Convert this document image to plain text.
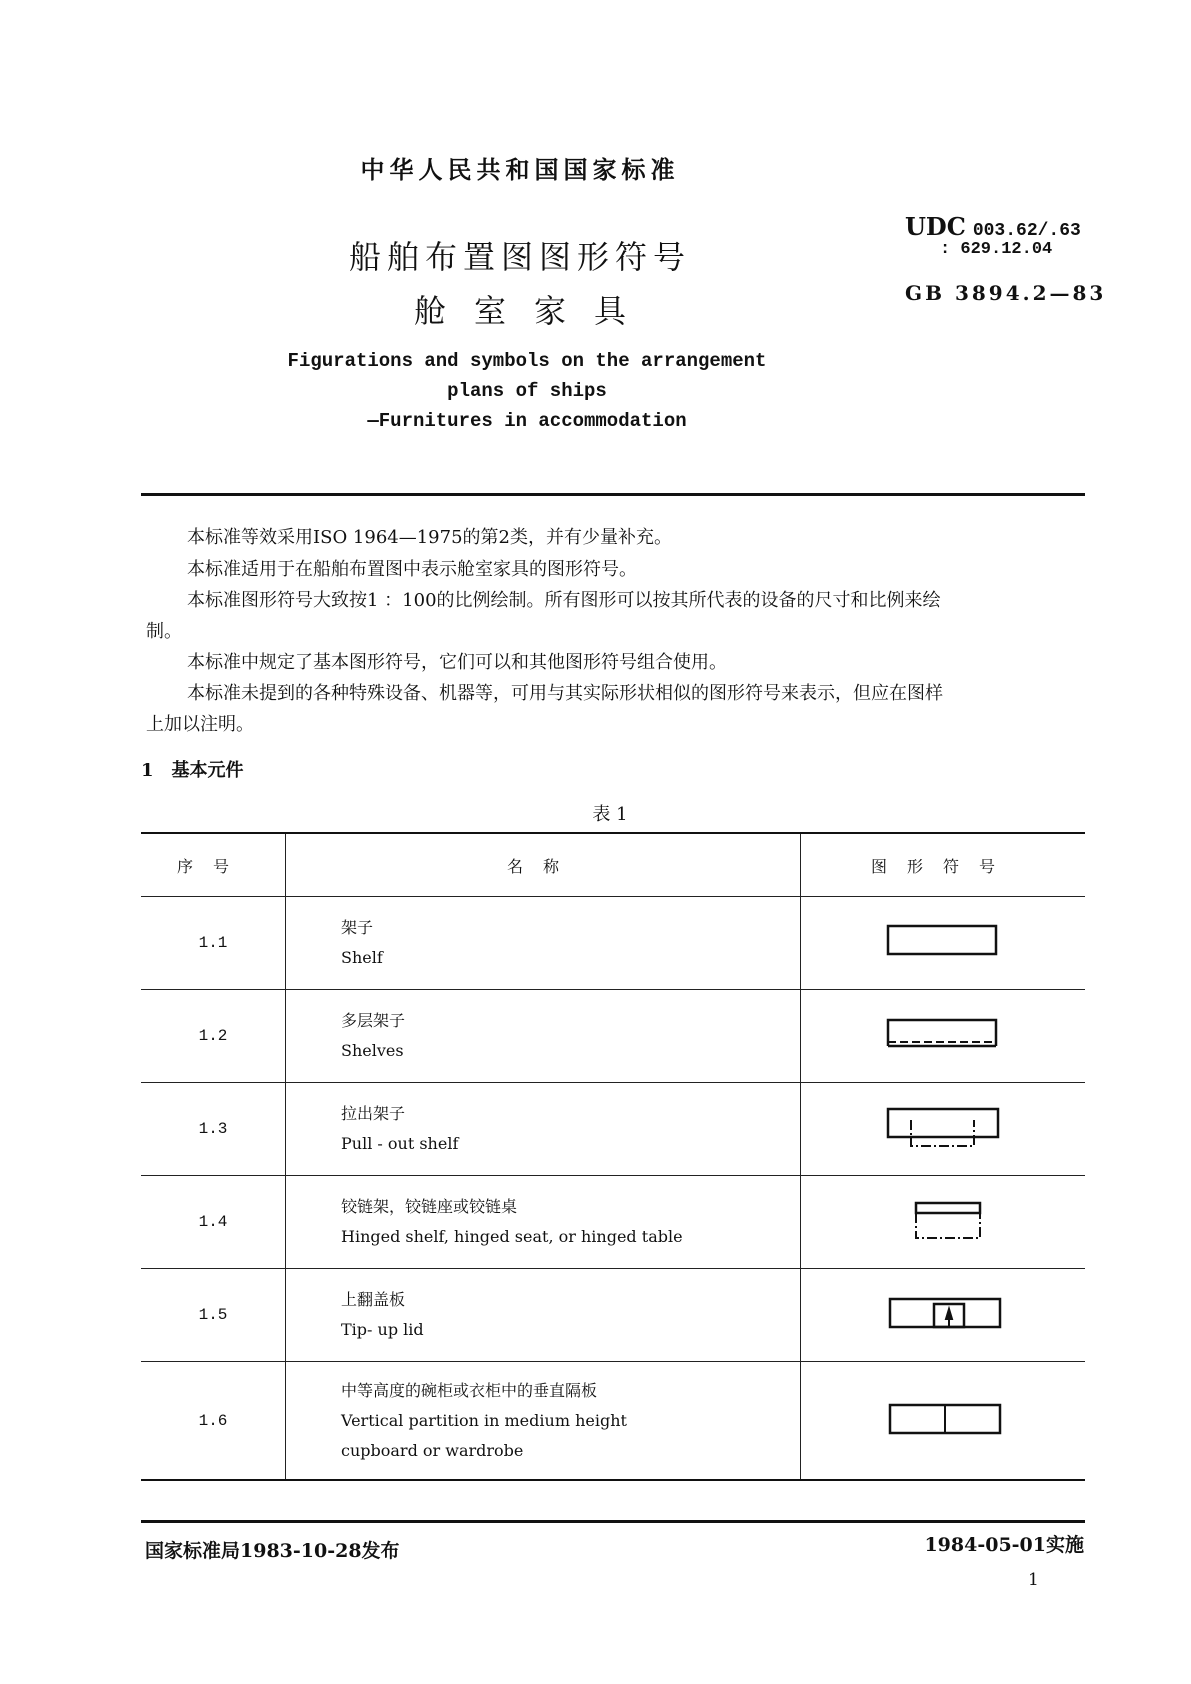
中华人民共和国国家标准
船舶布置图图形符号
舱室家具
UDC 003.62/.63
: 629.12.04
GB 3894.2—83
Figurations and symbols on the arrangement
plans of ships
—Furnitures in accommodation
本标准等效采用ISO 1964—1975的第2类，并有少量补充。
本标准适用于在船舶布置图中表示舱室家具的图形符号。
本标准图形符号大致按1 ：100的比例绘制。所有图形可以按其所代表的设备的尺寸和比例来绘
制。
本标准中规定了基本图形符号，它们可以和其他图形符号组合使用。
本标准未提到的各种特殊设备、机器等，可用与其实际形状相似的图形符号来表示，但应在图样
上加以注明。
1　基本元件
表 1
序号	名称	图形符号
1.1	架子
Shelf

1.2	多层架子
Shelves

1.3	拉出架子
Pull - out shelf

1.4	铰链架，铰链座或铰链桌
Hinged shelf, hinged seat, or hinged table

1.5	上翻盖板
Tip- up lid

1.6	中等高度的碗柜或衣柜中的垂直隔板
Vertical partition in medium height
cupboard or wardrobe

国家标准局1983-10-28发布	1984-05-01实施
1
